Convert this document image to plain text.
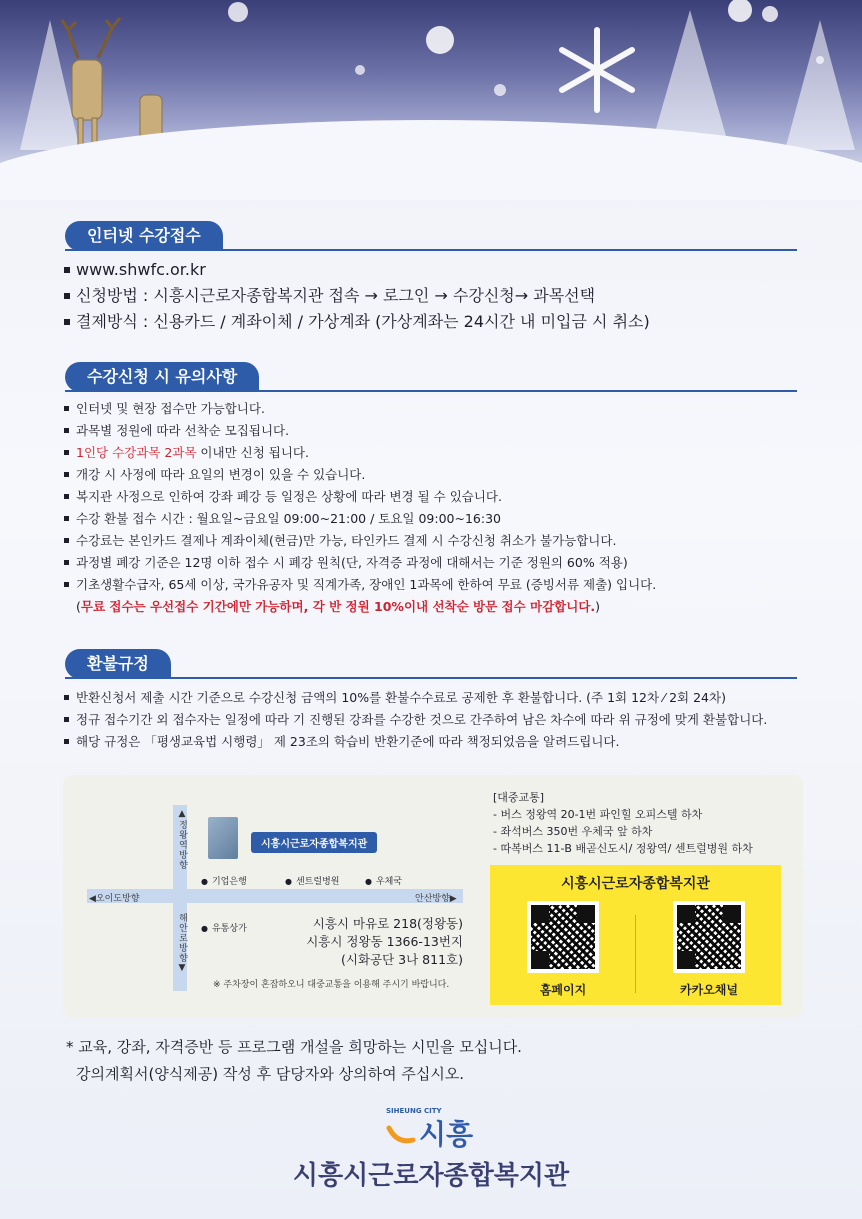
인터넷 수강접수
www.shwfc.or.kr
신청방법 : 시흥시근로자종합복지관 접속 → 로그인 → 수강신청→ 과목선택
결제방식 : 신용카드 / 계좌이체 / 가상계좌 (가상계좌는 24시간 내 미입금 시 취소)
수강신청 시 유의사항
인터넷 및 현장 접수만 가능합니다.
과목별 정원에 따라 선착순 모집됩니다.
1인당 수강과목 2과목 이내만 신청 됩니다.
개강 시 사정에 따라 요일의 변경이 있을 수 있습니다.
복지관 사정으로 인하여 강좌 폐강 등 일정은 상황에 따라 변경 될 수 있습니다.
수강 환불 접수 시간 : 월요일~금요일 09:00~21:00 / 토요일 09:00~16:30
수강료는 본인카드 결제나 계좌이체(현금)만 가능, 타인카드 결제 시 수강신청 취소가 불가능합니다.
과정별 폐강 기준은 12명 이하 접수 시 폐강 원칙(단, 자격증 과정에 대해서는 기준 정원의 60% 적용)
기초생활수급자, 65세 이상, 국가유공자 및 직계가족, 장애인 1과목에 한하여 무료 (증빙서류 제출) 입니다.
(무료 접수는 우선접수 기간에만 가능하며, 각 반 정원 10%이내 선착순 방문 접수 마감합니다.)
환불규정
반환신청서 제출 시간 기준으로 수강신청 금액의 10%를 환불수수료로 공제한 후 환불합니다. (주 1회 12차 ⁄ 2회 24차)
정규 접수기간 외 접수자는 일정에 따라 기 진행된 강좌를 수강한 것으로 간주하여 남은 차수에 따라 위 규정에 맞게 환불합니다.
해당 규정은 「평생교육법 시행령」 제 23조의 학습비 반환기준에 따라 책정되었음을 알려드립니다.
▲정왕역방향
해안로방향▼
◀오이도방향	안산방향▶
시흥시근로자종합복지관
● 기업은행	● 센트럴병원	● 우체국
● 유통상가	시흥시 마유로 218(정왕동)
시흥시 정왕동 1366-13번지
(시화공단 3나 811호)
※ 주차장이 혼잡하오니 대중교통을 이용해 주시기 바랍니다.
[대중교통]
- 버스 정왕역 20-1번 파인힐 오피스텔 하차
- 좌석버스 350번 우체국 앞 하차
- 따복버스 11-B 배곧신도시/ 정왕역/ 센트럴병원 하차
시흥시근로자종합복지관
홈페이지	카카오채널
* 교육, 강좌, 자격증반 등 프로그램 개설을 희망하는 시민을 모십니다.
강의계획서(양식제공) 작성 후 담당자와 상의하여 주십시오.
SIHEUNG CITY
시흥
시흥시근로자종합복지관
